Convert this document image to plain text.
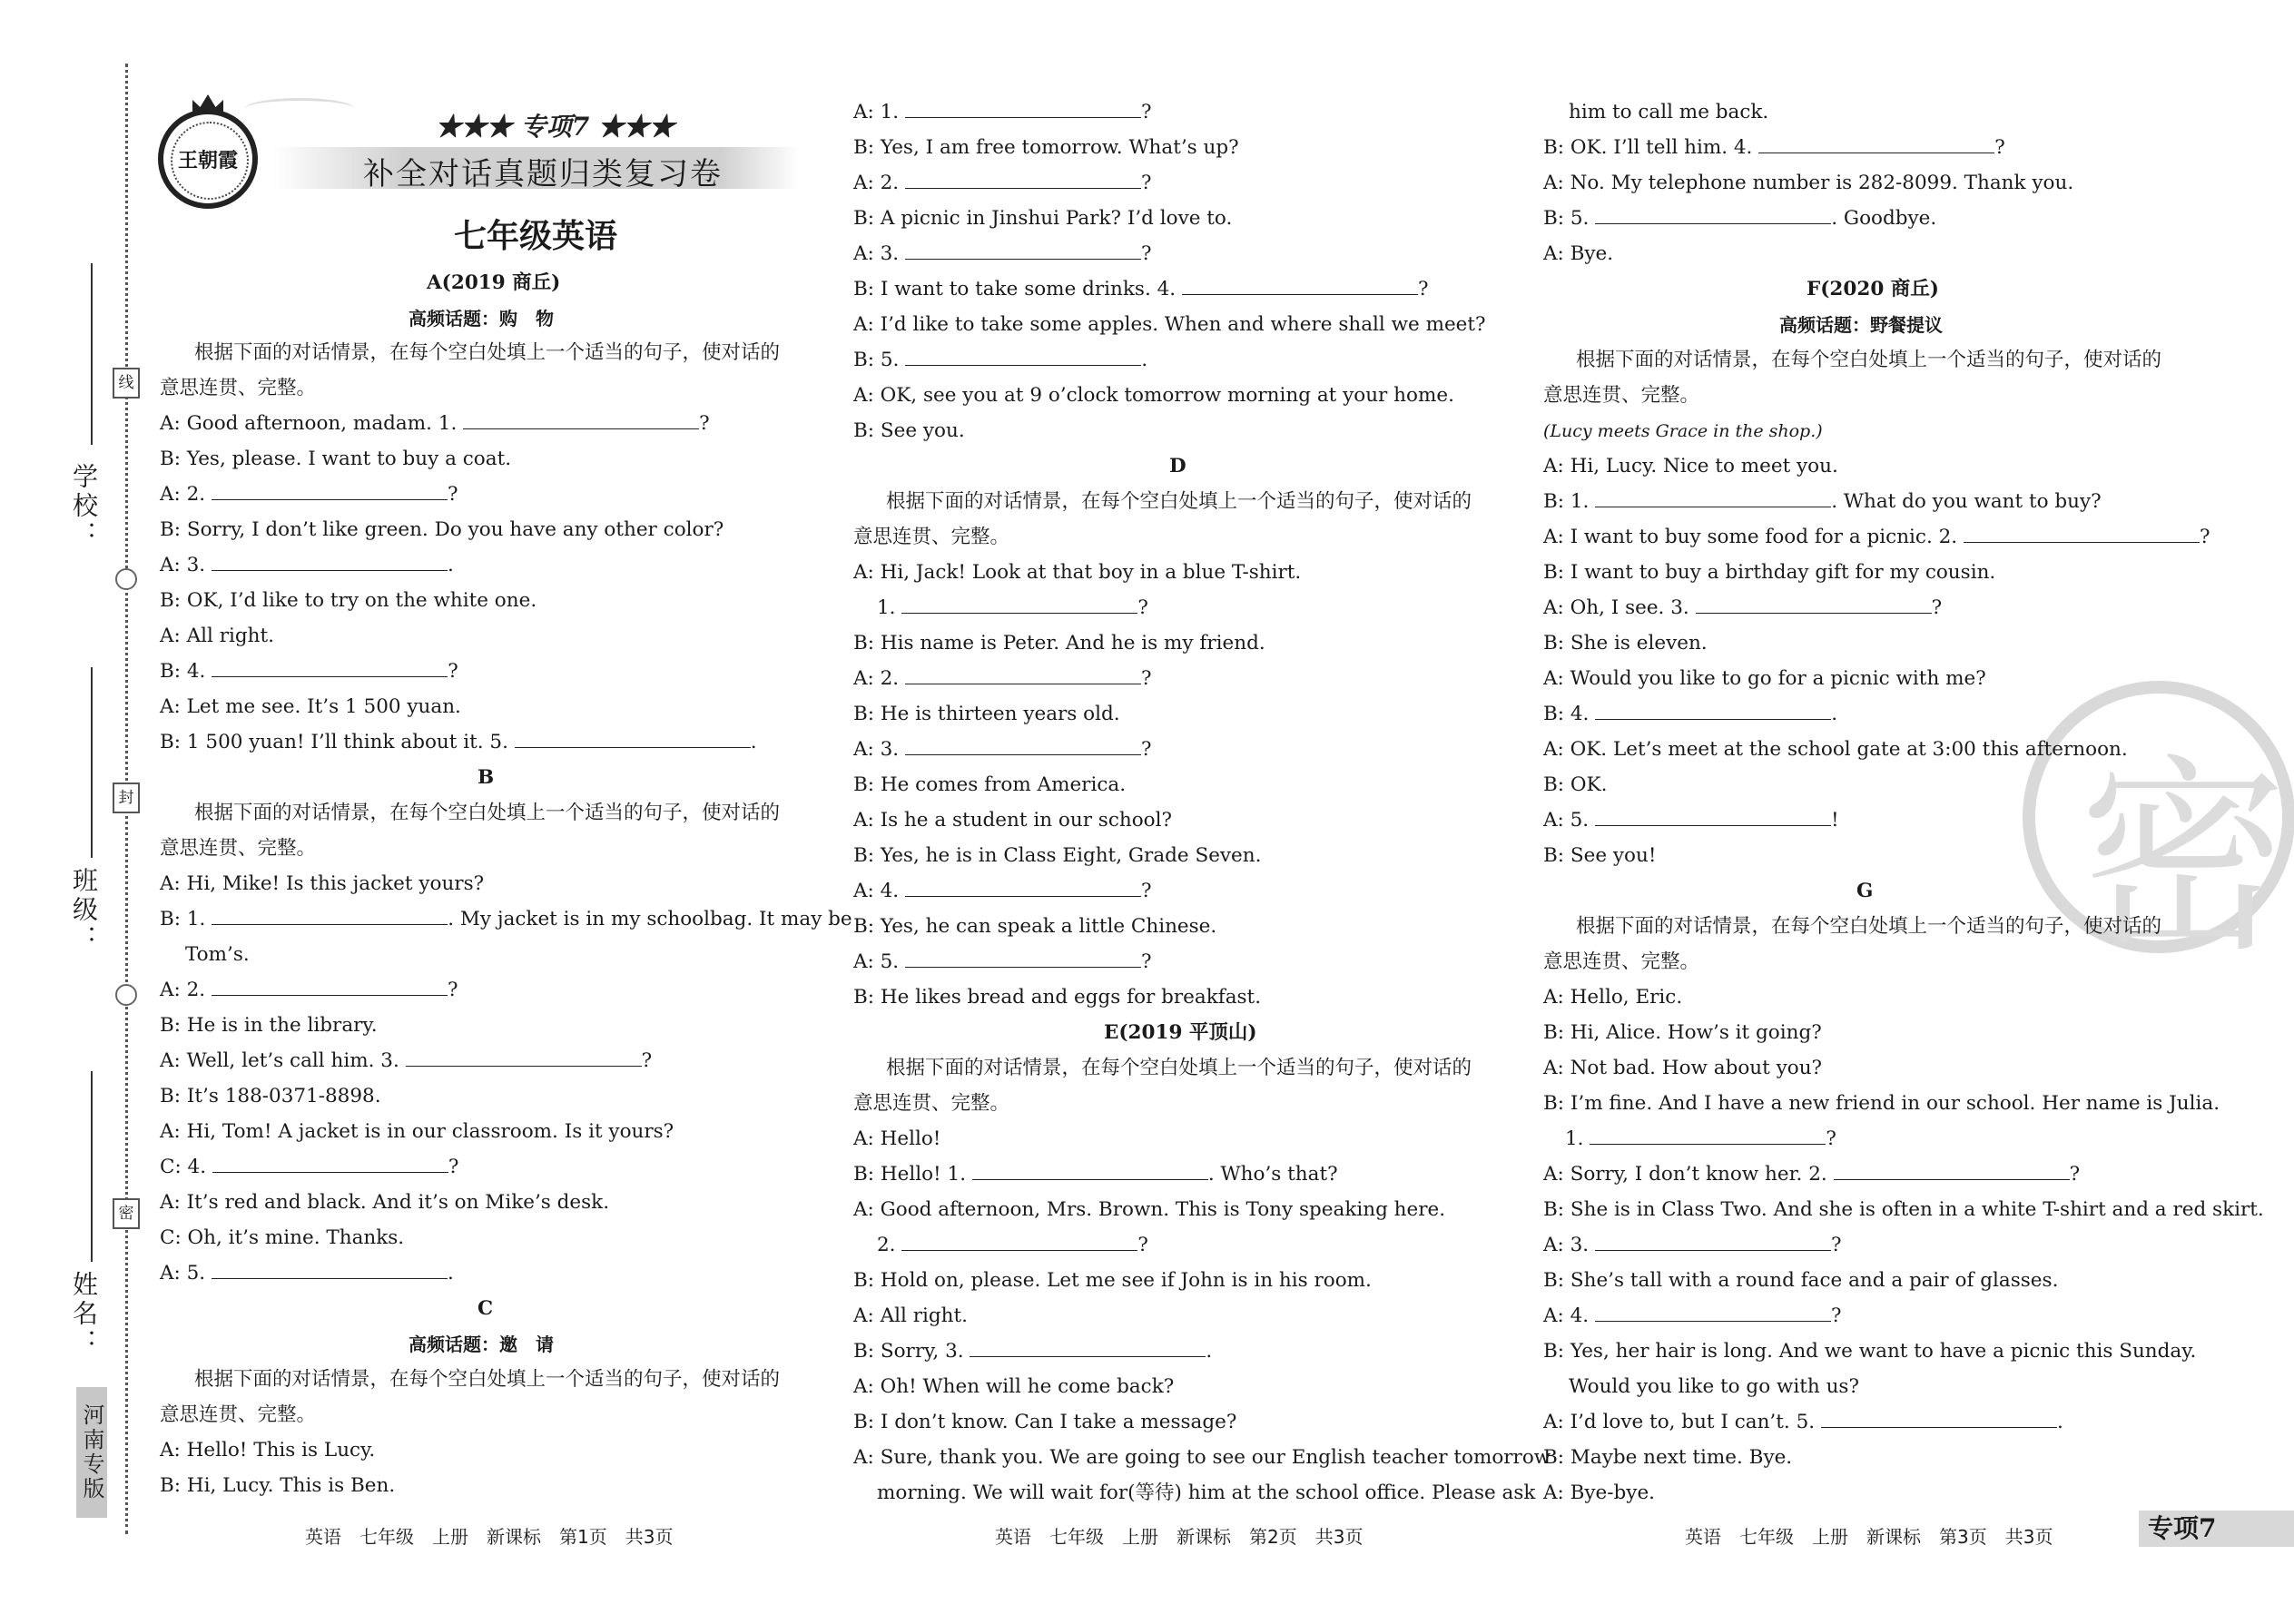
学校：
班级：
姓名：
线
封
密
河南专版
王朝霞
★★★ 专项7 ★★★
补全对话真题归类复习卷
七年级英语
A(2019 商丘)
高频话题：购　物
根据下面的对话情景，在每个空白处填上一个适当的句子，使对话的
意思连贯、完整。
A: Good afternoon, madam. 1.	?
B: Yes, please. I want to buy a coat.
A: 2.	?
B: Sorry, I don’t like green. Do you have any other color?
A: 3.	.
B: OK, I’d like to try on the white one.
A: All right.
B: 4.	?
A: Let me see. It’s 1 500 yuan.
B: 1 500 yuan! I’ll think about it. 5.	.
B
根据下面的对话情景，在每个空白处填上一个适当的句子，使对话的
意思连贯、完整。
A: Hi, Mike! Is this jacket yours?
B: 1.	. My jacket is in my schoolbag. It may be
Tom’s.
A: 2.	?
B: He is in the library.
A: Well, let’s call him. 3.	?
B: It’s 188-0371-8898.
A: Hi, Tom! A jacket is in our classroom. Is it yours?
C: 4.	?
A: It’s red and black. And it’s on Mike’s desk.
C: Oh, it’s mine. Thanks.
A: 5.	.
C
高频话题：邀　请
根据下面的对话情景，在每个空白处填上一个适当的句子，使对话的
意思连贯、完整。
A: Hello! This is Lucy.
B: Hi, Lucy. This is Ben.
英语　七年级　上册　新课标　第1页　共3页
A: 1.	?
B: Yes, I am free tomorrow. What’s up?
A: 2.	?
B: A picnic in Jinshui Park? I’d love to.
A: 3.	?
B: I want to take some drinks. 4.	?
A: I’d like to take some apples. When and where shall we meet?
B: 5.	.
A: OK, see you at 9 o’clock tomorrow morning at your home.
B: See you.
D
根据下面的对话情景，在每个空白处填上一个适当的句子，使对话的
意思连贯、完整。
A: Hi, Jack! Look at that boy in a blue T-shirt.
1.	?
B: His name is Peter. And he is my friend.
A: 2.	?
B: He is thirteen years old.
A: 3.	?
B: He comes from America.
A: Is he a student in our school?
B: Yes, he is in Class Eight, Grade Seven.
A: 4.	?
B: Yes, he can speak a little Chinese.
A: 5.	?
B: He likes bread and eggs for breakfast.
E(2019 平顶山)
根据下面的对话情景，在每个空白处填上一个适当的句子，使对话的
意思连贯、完整。
A: Hello!
B: Hello! 1.	. Who’s that?
A: Good afternoon, Mrs. Brown. This is Tony speaking here.
2.	?
B: Hold on, please. Let me see if John is in his room.
A: All right.
B: Sorry, 3.	.
A: Oh! When will he come back?
B: I don’t know. Can I take a message?
A: Sure, thank you. We are going to see our English teacher tomorrow
morning. We will wait for(等待) him at the school office. Please ask
英语　七年级　上册　新课标　第2页　共3页
密
him to call me back.
B: OK. I’ll tell him. 4.	?
A: No. My telephone number is 282-8099. Thank you.
B: 5.	. Goodbye.
A: Bye.
F(2020 商丘)
高频话题：野餐提议
根据下面的对话情景，在每个空白处填上一个适当的句子，使对话的
意思连贯、完整。
(Lucy meets Grace in the shop.)
A: Hi, Lucy. Nice to meet you.
B: 1.	. What do you want to buy?
A: I want to buy some food for a picnic. 2.	?
B: I want to buy a birthday gift for my cousin.
A: Oh, I see. 3.	?
B: She is eleven.
A: Would you like to go for a picnic with me?
B: 4.	.
A: OK. Let’s meet at the school gate at 3:00 this afternoon.
B: OK.
A: 5.	!
B: See you!
G
根据下面的对话情景，在每个空白处填上一个适当的句子，使对话的
意思连贯、完整。
A: Hello, Eric.
B: Hi, Alice. How’s it going?
A: Not bad. How about you?
B: I’m fine. And I have a new friend in our school. Her name is Julia.
1.	?
A: Sorry, I don’t know her. 2.	?
B: She is in Class Two. And she is often in a white T-shirt and a red skirt.
A: 3.	?
B: She’s tall with a round face and a pair of glasses.
A: 4.	?
B: Yes, her hair is long. And we want to have a picnic this Sunday.
Would you like to go with us?
A: I’d love to, but I can’t. 5.	.
B: Maybe next time. Bye.
A: Bye-bye.
英语　七年级　上册　新课标　第3页　共3页	专项7
